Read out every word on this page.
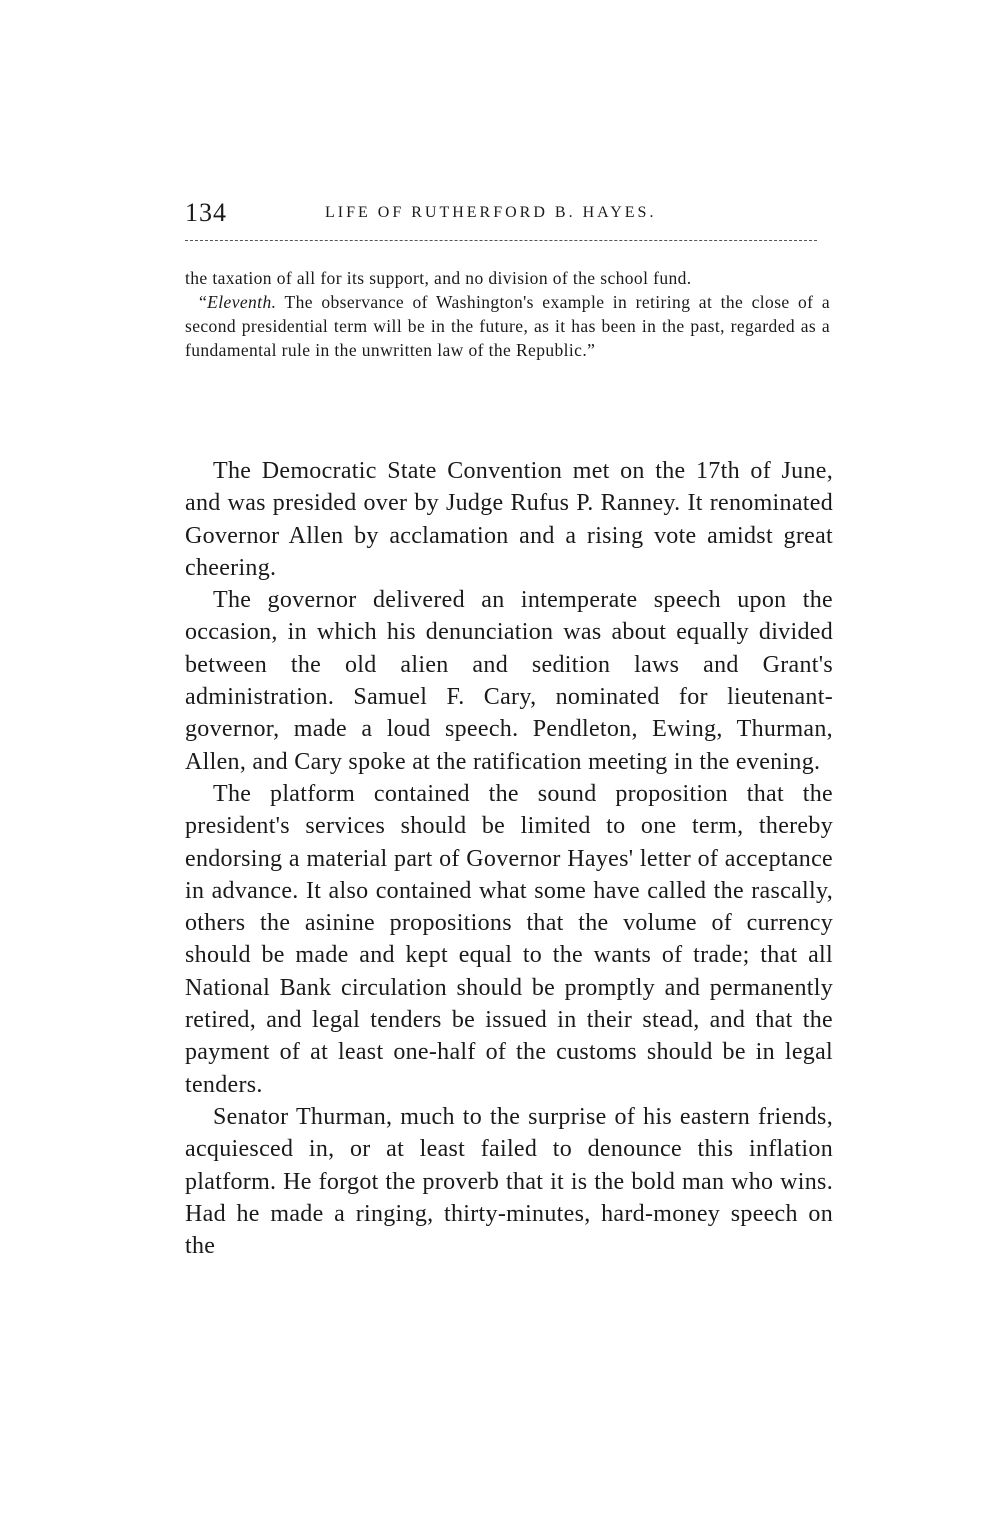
134	LIFE OF RUTHERFORD B. HAYES.

the taxation of all for its support, and no division of the school fund.

“Eleventh. The observance of Washington's example in retiring at the close of a second presidential term will be in the future, as it has been in the past, regarded as a fundamental rule in the unwritten law of the Republic.”

The Democratic State Convention met on the 17th of June, and was presided over by Judge Rufus P. Ranney. It renominated Governor Allen by acclamation and a rising vote amidst great cheering.

The governor delivered an intemperate speech upon the occasion, in which his denunciation was about equally divided between the old alien and sedition laws and Grant's administration. Samuel F. Cary, nominated for lieutenant-governor, made a loud speech. Pendleton, Ewing, Thurman, Allen, and Cary spoke at the ratification meeting in the evening.

The platform contained the sound proposition that the president's services should be limited to one term, thereby endorsing a material part of Governor Hayes' letter of acceptance in advance. It also contained what some have called the rascally, others the asinine propositions that the volume of currency should be made and kept equal to the wants of trade; that all National Bank circulation should be promptly and permanently retired, and legal tenders be issued in their stead, and that the payment of at least one-half of the customs should be in legal tenders.

Senator Thurman, much to the surprise of his eastern friends, acquiesced in, or at least failed to denounce this inflation platform. He forgot the proverb that it is the bold man who wins. Had he made a ringing, thirty-minutes, hard-money speech on the
